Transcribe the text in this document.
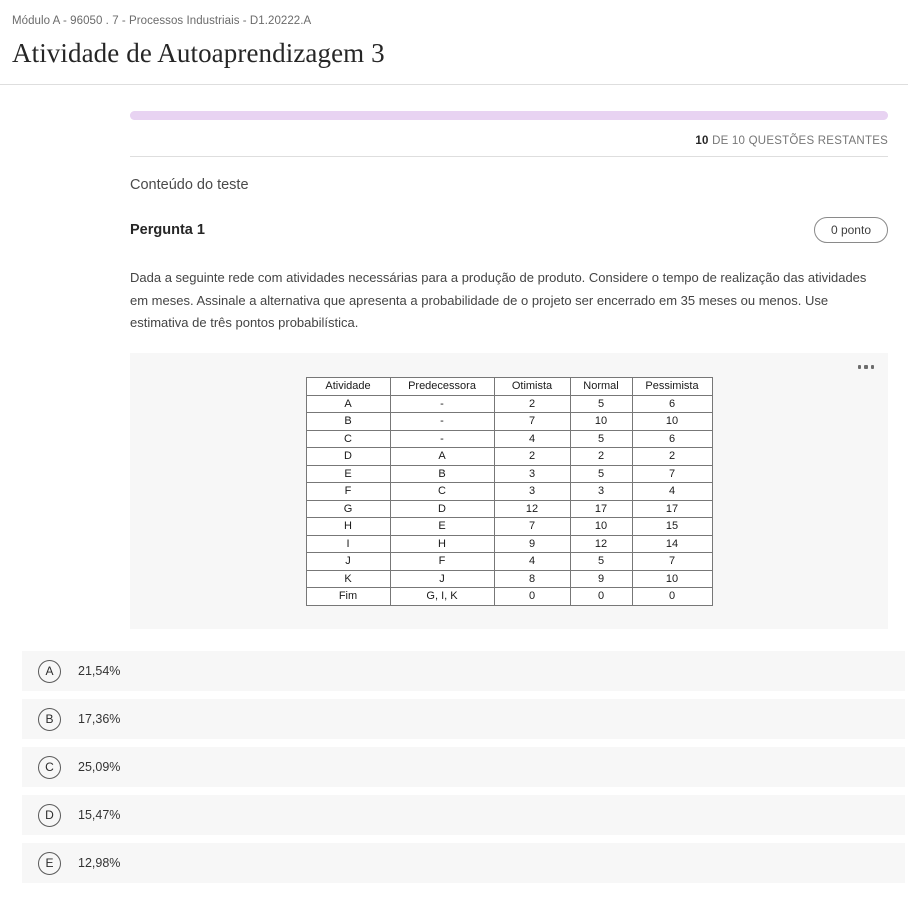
Módulo A - 96050 . 7 - Processos Industriais - D1.20222.A
Atividade de Autoaprendizagem 3
10 DE 10 QUESTÕES RESTANTES
Conteúdo do teste
Pergunta 1	0 ponto
Dada a seguinte rede com atividades necessárias para a produção de produto. Considere o tempo de realização das atividades em meses. Assinale a alternativa que apresenta a probabilidade de o projeto ser encerrado em 35 meses ou menos. Use estimativa de três pontos probabilística.
Atividade	Predecessora	Otimista	Normal	Pessimista
A	-	2	5	6
B	-	7	10	10
C	-	4	5	6
D	A	2	2	2
E	B	3	5	7
F	C	3	3	4
G	D	12	17	17
H	E	7	10	15
I	H	9	12	14
J	F	4	5	7
K	J	8	9	10
Fim	G, I, K	0	0	0
A	21,54%
B	17,36%
C	25,09%
D	15,47%
E	12,98%
